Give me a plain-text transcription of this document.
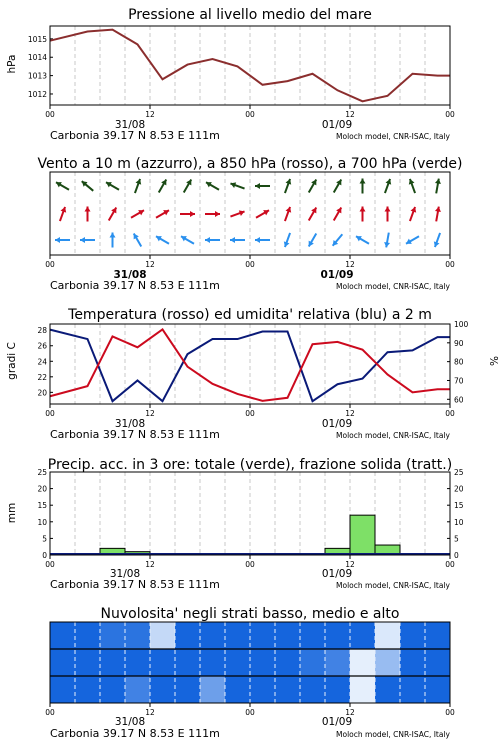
Pressione al livello medio del mare
hPa
1012
1013
1014
1015
00	12	00	12	00
31/08	01/09
Carbonia 39.17 N 8.53 E 111m	Moloch model, CNR-ISAC, Italy
Vento a 10 m (azzurro), a 850 hPa (rosso), a 700 hPa (verde)
00	12	00	12	00
31/08	01/09
Carbonia 39.17 N 8.53 E 111m	Moloch model, CNR-ISAC, Italy
Temperatura (rosso) ed umidita' relativa (blu) a 2 m
gradi C	%
20
22
24
26
28
60
70
80
90
100
00	12	00	12	00
31/08	01/09
Carbonia 39.17 N 8.53 E 111m	Moloch model, CNR-ISAC, Italy
Precip. acc. in 3 ore: totale (verde), frazione solida (tratt.)
mm
0
5
10
15
20
25
0
5
10
15
20
25
00	12	00	12	00
31/08	01/09
Carbonia 39.17 N 8.53 E 111m	Moloch model, CNR-ISAC, Italy
Nuvolosita' negli strati basso, medio e alto
00	12	00	12	00
31/08	01/09
Carbonia 39.17 N 8.53 E 111m	Moloch model, CNR-ISAC, Italy
